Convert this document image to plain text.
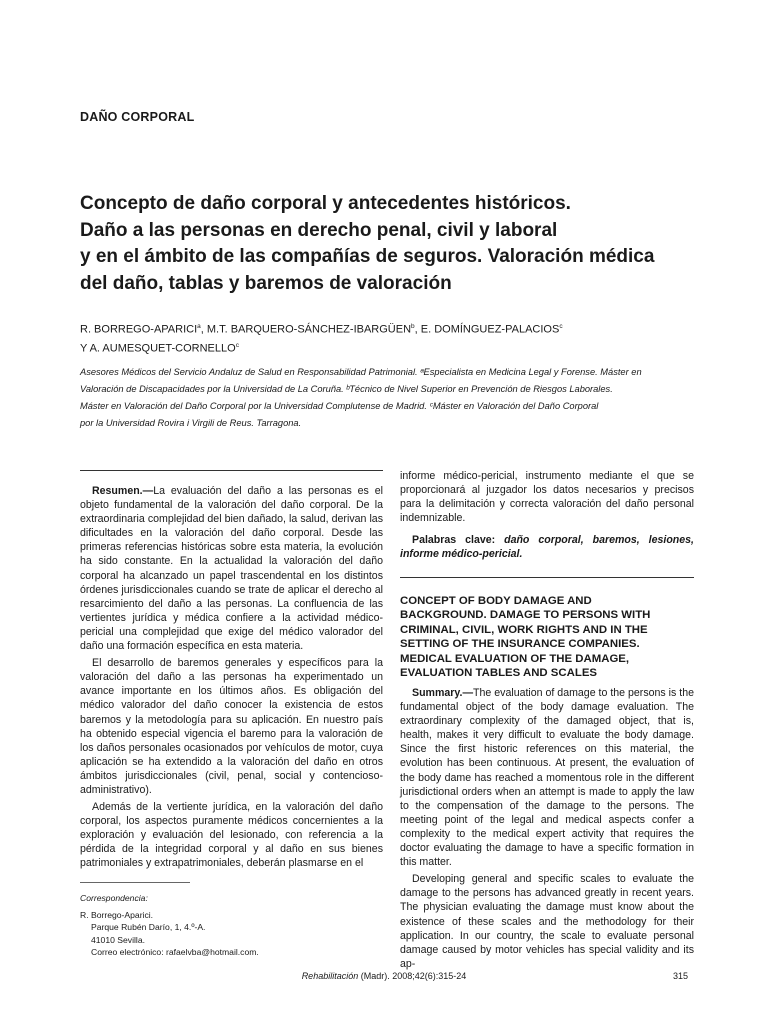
DAÑO CORPORAL
Concepto de daño corporal y antecedentes históricos.
Daño a las personas en derecho penal, civil y laboral
y en el ámbito de las compañías de seguros. Valoración médica
del daño, tablas y baremos de valoración
R. BORREGO-APARICI$^a$, M.T. BARQUERO-SÁNCHEZ-IBARGÜEN$^b$, E. DOMÍNGUEZ-PALACIOS$^c$
Y A. AUMESQUET-CORNELLO$^c$
Asesores Médicos del Servicio Andaluz de Salud en Responsabilidad Patrimonial. ᵃEspecialista en Medicina Legal y Forense. Máster en
Valoración de Discapacidades por la Universidad de La Coruña. ᵇTécnico de Nivel Superior en Prevención de Riesgos Laborales.
Máster en Valoración del Daño Corporal por la Universidad Complutense de Madrid. ᶜMáster en Valoración del Daño Corporal
por la Universidad Rovira i Virgili de Reus. Tarragona.

Resumen.—La evaluación del daño a las personas es el objeto fundamental de la valoración del daño corporal. De la extraordinaria complejidad del bien dañado, la salud, derivan las dificultades en la valoración del daño corporal. Desde las primeras referencias históricas sobre esta materia, la evolución ha sido constante. En la actualidad la valoración del daño corporal ha alcanzado un papel trascendental en los distintos órdenes jurisdiccionales cuando se trate de aplicar el derecho al resarcimiento del daño a las personas. La confluencia de las vertientes jurídica y médica confiere a la actividad médico-pericial una complejidad que exige del médico valorador del daño una formación específica en esta materia.

El desarrollo de baremos generales y específicos para la valoración del daño a las personas ha experimentado un avance importante en los últimos años. Es obligación del médico valorador del daño conocer la existencia de estos baremos y la metodología para su aplicación. En nuestro país ha obtenido especial vigencia el baremo para la valoración de los daños personales ocasionados por vehículos de motor, cuya aplicación se ha extendido a la valoración del daño en otros ámbitos jurisdiccionales (civil, penal, social y contencioso-administrativo).

Además de la vertiente jurídica, en la valoración del daño corporal, los aspectos puramente médicos concernientes a la exploración y evaluación del lesionado, con referencia a la pérdida de la integridad corporal y al daño en sus bienes patrimoniales y extrapatrimoniales, deberán plasmarse en el

informe médico-pericial, instrumento mediante el que se proporcionará al juzgador los datos necesarios y precisos para la delimitación y correcta valoración del daño personal indemnizable.

Palabras clave: daño corporal, baremos, lesiones, informe médico-pericial.

CONCEPT OF BODY DAMAGE AND
BACKGROUND. DAMAGE TO PERSONS WITH
CRIMINAL, CIVIL, WORK RIGHTS AND IN THE
SETTING OF THE INSURANCE COMPANIES.
MEDICAL EVALUATION OF THE DAMAGE,
EVALUATION TABLES AND SCALES

Summary.—The evaluation of damage to the persons is the fundamental object of the body damage evaluation. The extraordinary complexity of the damaged object, that is, health, makes it very difficult to evaluate the body damage. Since the first historic references on this material, the evolution has been continuous. At present, the evaluation of the body dame has reached a momentous role in the different jurisdictional orders when an attempt is made to apply the law to the compensation of the damage to the persons. The meeting point of the legal and medical aspects confer a complexity to the medical expert activity that requires the doctor evaluating the damage to have a specific formation in this matter.

Developing general and specific scales to evaluate the damage to the persons has advanced greatly in recent years. The physician evaluating the damage must know about the existence of these scales and the methodology for their application. In our country, the scale to evaluate personal damage caused by motor vehicles has special validity and its ap-

Correspondencia:
R. Borrego-Aparici.
Parque Rubén Darío, 1, 4.º-A.
41010 Sevilla.
Correo electrónico: rafaelvba@hotmail.com.
Rehabilitación (Madr). 2008;42(6):315-24	315
